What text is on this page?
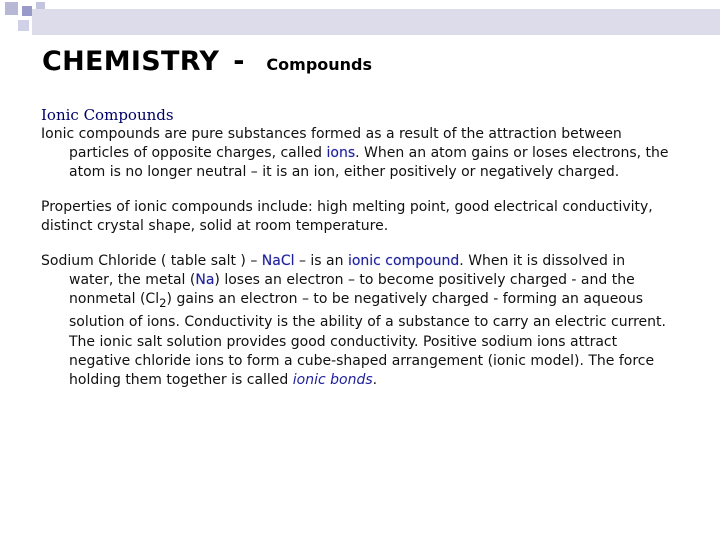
CHEMISTRY - Compounds
Ionic Compounds

Ionic compounds are pure substances formed as a result of the attraction between particles of opposite charges, called ions. When an atom gains or loses electrons, the atom is no longer neutral – it is an ion, either positively or negatively charged.

Properties of ionic compounds include: high melting point, good electrical conductivity, distinct crystal shape, solid at room temperature.

Sodium Chloride ( table salt ) – NaCl – is an ionic compound. When it is dissolved in water, the metal (Na) loses an electron – to become positively charged - and the nonmetal $(Cl_2)$ gains an electron – to be negatively charged - forming an aqueous solution of ions. Conductivity is the ability of a substance to carry an electric current. The ionic salt solution provides good conductivity. Positive sodium ions attract negative chloride ions to form a cube-shaped arrangement (ionic model). The force holding them together is called ionic bonds.
